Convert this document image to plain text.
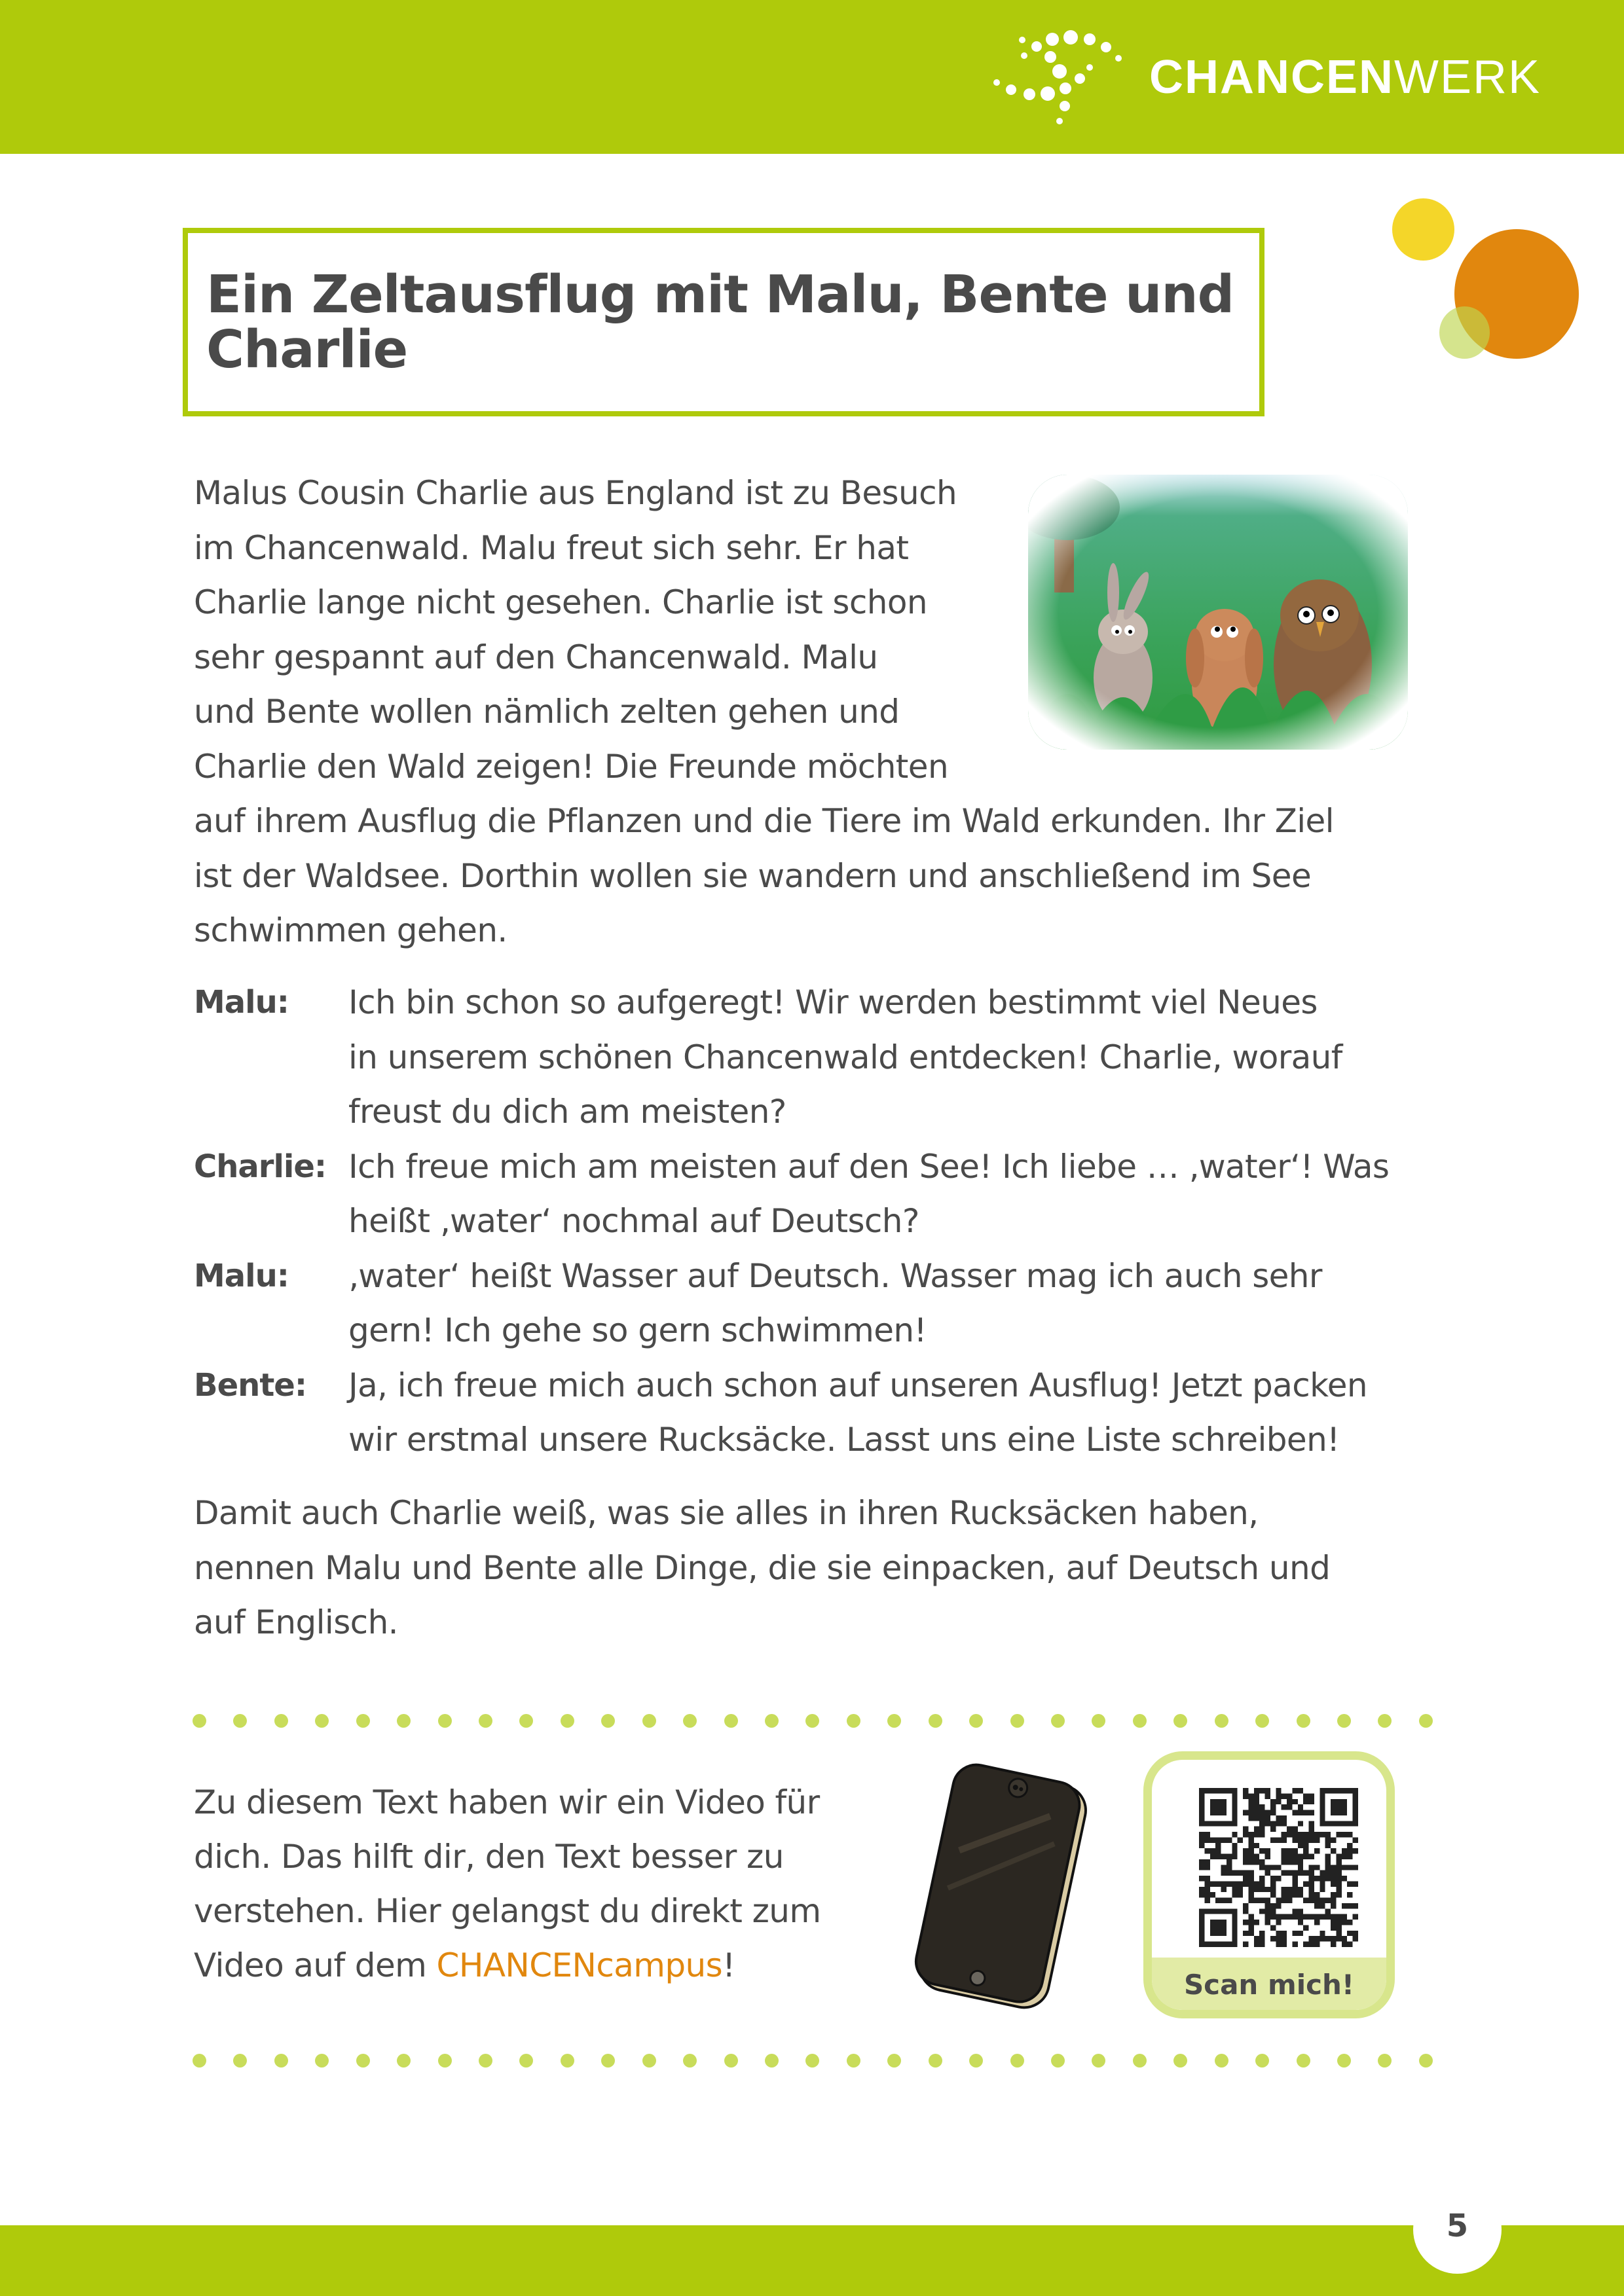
CHANCENWERK
Ein Zeltausflug mit Malu, Bente und Charlie
Malus Cousin Charlie aus England ist zu Besuch
im Chancenwald. Malu freut sich sehr. Er hat
Charlie lange nicht gesehen. Charlie ist schon
sehr gespannt auf den Chancenwald. Malu
und Bente wollen nämlich zelten gehen und
Charlie den Wald zeigen! Die Freunde möchten
auf ihrem Ausflug die Pflanzen und die Tiere im Wald erkunden. Ihr Ziel
ist der Waldsee. Dorthin wollen sie wandern und anschließend im See
schwimmen gehen.
Malu:	Ich bin schon so aufgeregt! Wir werden bestimmt viel Neues
in unserem schönen Chancenwald entdecken! Charlie, worauf
freust du dich am meisten?
Charlie: Ich freue mich am meisten auf den See! Ich liebe … ‚water‘! Was
heißt ‚water‘ nochmal auf Deutsch?
Malu:	‚water‘ heißt Wasser auf Deutsch. Wasser mag ich auch sehr
gern! Ich gehe so gern schwimmen!
Bente:	Ja, ich freue mich auch schon auf unseren Ausflug! Jetzt packen
wir erstmal unsere Rucksäcke. Lasst uns eine Liste schreiben!
Damit auch Charlie weiß, was sie alles in ihren Rucksäcken haben,
nennen Malu und Bente alle Dinge, die sie einpacken, auf Deutsch und
auf Englisch.
Zu diesem Text haben wir ein Video für
dich. Das hilft dir, den Text besser zu
verstehen. Hier gelangst du direkt zum
Video auf dem CHANCENcampus!
Scan mich!
5
